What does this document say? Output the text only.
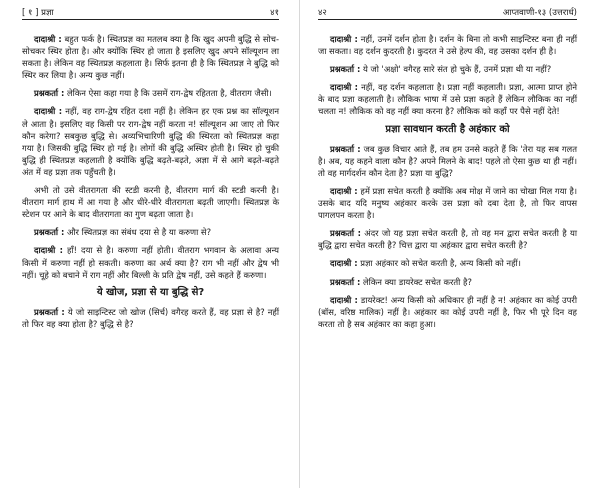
[ १ ] प्रज्ञा	४१

दादाश्री : बहुत फर्क है। स्थितप्रज्ञ का मतलब क्या है कि खुद अपनी बुद्धि से सोच-सोचकर स्थिर होता है। और क्योंकि स्थिर हो जाता है इसलिए खुद अपने सॉल्यूशन ला सकता है। लेकिन वह स्थितप्रज्ञ कहलाता है। सिर्फ इतना ही है कि स्थितप्रज्ञ ने बुद्धि को स्थिर कर लिया है। अन्य कुछ नहीं।

प्रश्नकर्ता : लेकिन ऐसा कहा गया है कि उसमें राग-द्वेष रहितता है, वीतराग जैसी।

दादाश्री : नहीं, वह राग-द्वेष रहित दशा नहीं है। लेकिन हर एक प्रश्न का सॉल्यूशन ले आता है। इसलिए वह किसी पर राग-द्वेष नहीं करता न! सॉल्यूशन आ जाए तो फिर कौन करेगा? सबकुछ बुद्धि से। अव्यभिचारिणी बुद्धि की स्थिरता को स्थितप्रज्ञ कहा गया है। जिसकी बुद्धि स्थिर हो गई है। लोगों की बुद्धि अस्थिर होती है। स्थिर हो चुकी बुद्धि ही स्थितप्रज्ञ कहलाती है क्योंकि बुद्धि बढ़ते-बढ़ते, अज्ञा में से आगे बढ़ते-बढ़ते अंत में वह प्रज्ञा तक पहुँचती है।

अभी तो उसे वीतरागता की स्टडी करनी है, वीतराग मार्ग की स्टडी करनी है। वीतराग मार्ग हाथ में आ गया है और धीरे-धीरे वीतरागता बढ़ती जाएगी। स्थितप्रज्ञ के स्टेशन पर आने के बाद वीतरागता का गुण बढ़ता जाता है।

प्रश्नकर्ता : और स्थितप्रज्ञ का संबंध दया से है या करुणा से?

दादाश्री : हाँ! दया से है। करुणा नहीं होती। वीतराग भगवान के अलावा अन्य किसी में करुणा नहीं हो सकती। करुणा का अर्थ क्या है? राग भी नहीं और द्वेष भी नहीं। चूहे को बचाने में राग नहीं और बिल्ली के प्रति द्वेष नहीं, उसे कहते हैं करुणा।

ये खोज, प्रज्ञा से या बुद्धि से?

प्रश्नकर्ता : ये जो साइन्टिस्ट जो खोज (सिर्च) वगैरह करते हैं, वह प्रज्ञा से है? नहीं तो फिर वह क्या होता है? बुद्धि से है?

४२	आप्तवाणी-१३ (उत्तरार्ध)

दादाश्री : नहीं, उनमें दर्शन होता है। दर्शन के बिना तो कभी साइन्टिस्ट बना ही नहीं जा सकता। वह दर्शन कुदरती है। कुदरत ने उसे हेल्प की, वह उसका दर्शन ही है।

प्रश्नकर्ता : ये जो 'अक्षो' वगैरह सारे संत हो चुके हैं, उनमें प्रज्ञा थी या नहीं?

दादाश्री : नहीं, वह दर्शन कहलाता है। प्रज्ञा नहीं कहलाती। प्रज्ञा, आत्मा प्राप्त होने के बाद प्रज्ञा कहलाती है। लौकिक भाषा में उसे प्रज्ञा कहते हैं लेकिन लौकिक का नहीं चलता न! लौकिक को वह नहीं क्या करना है? लौकिक को कहाँ पर पैसे नहीं देते!

प्रज्ञा सावधान करती है अहंकार को

प्रश्नकर्ता : जब कुछ विचार आते हैं, तब हम उनसे कहते हैं कि 'तेरा यह सब गलत है। अब, यह कहने वाला कौन है? अपने मिलने के बाद! पहले तो ऐसा कुछ था ही नहीं। तो वह मार्गदर्शन कौन देता है? प्रज्ञा या बुद्धि?

दादाश्री : हमें प्रज्ञा सचेत करती है क्योंकि अब मोक्ष में जाने का चोखा मिल गया है। उसके बाद यदि मनुष्य अहंकार करके उस प्रज्ञा को दबा देता है, तो फिर वापस पागलपन करता है।

प्रश्नकर्ता : अंदर जो यह प्रज्ञा सचेत करती है, तो वह मन द्वारा सचेत करती है या बुद्धि द्वारा सचेत करती है? चित्त द्वारा या अहंकार द्वारा सचेत करती है?

दादाश्री : प्रज्ञा अहंकार को सचेत करती है, अन्य किसी को नहीं।

प्रश्नकर्ता : लेकिन क्या डायरेक्ट सचेत करती है?

दादाश्री : डायरेक्ट! अन्य किसी को अधिकार ही नहीं है न! अहंकार का कोई उपरी (बॉस, वरिष्ठ मालिक) नहीं है। अहंकार का कोई उपरी नहीं है, फिर भी पूरे दिन वह करता तो है सब अहंकार का कहा हुआ।
